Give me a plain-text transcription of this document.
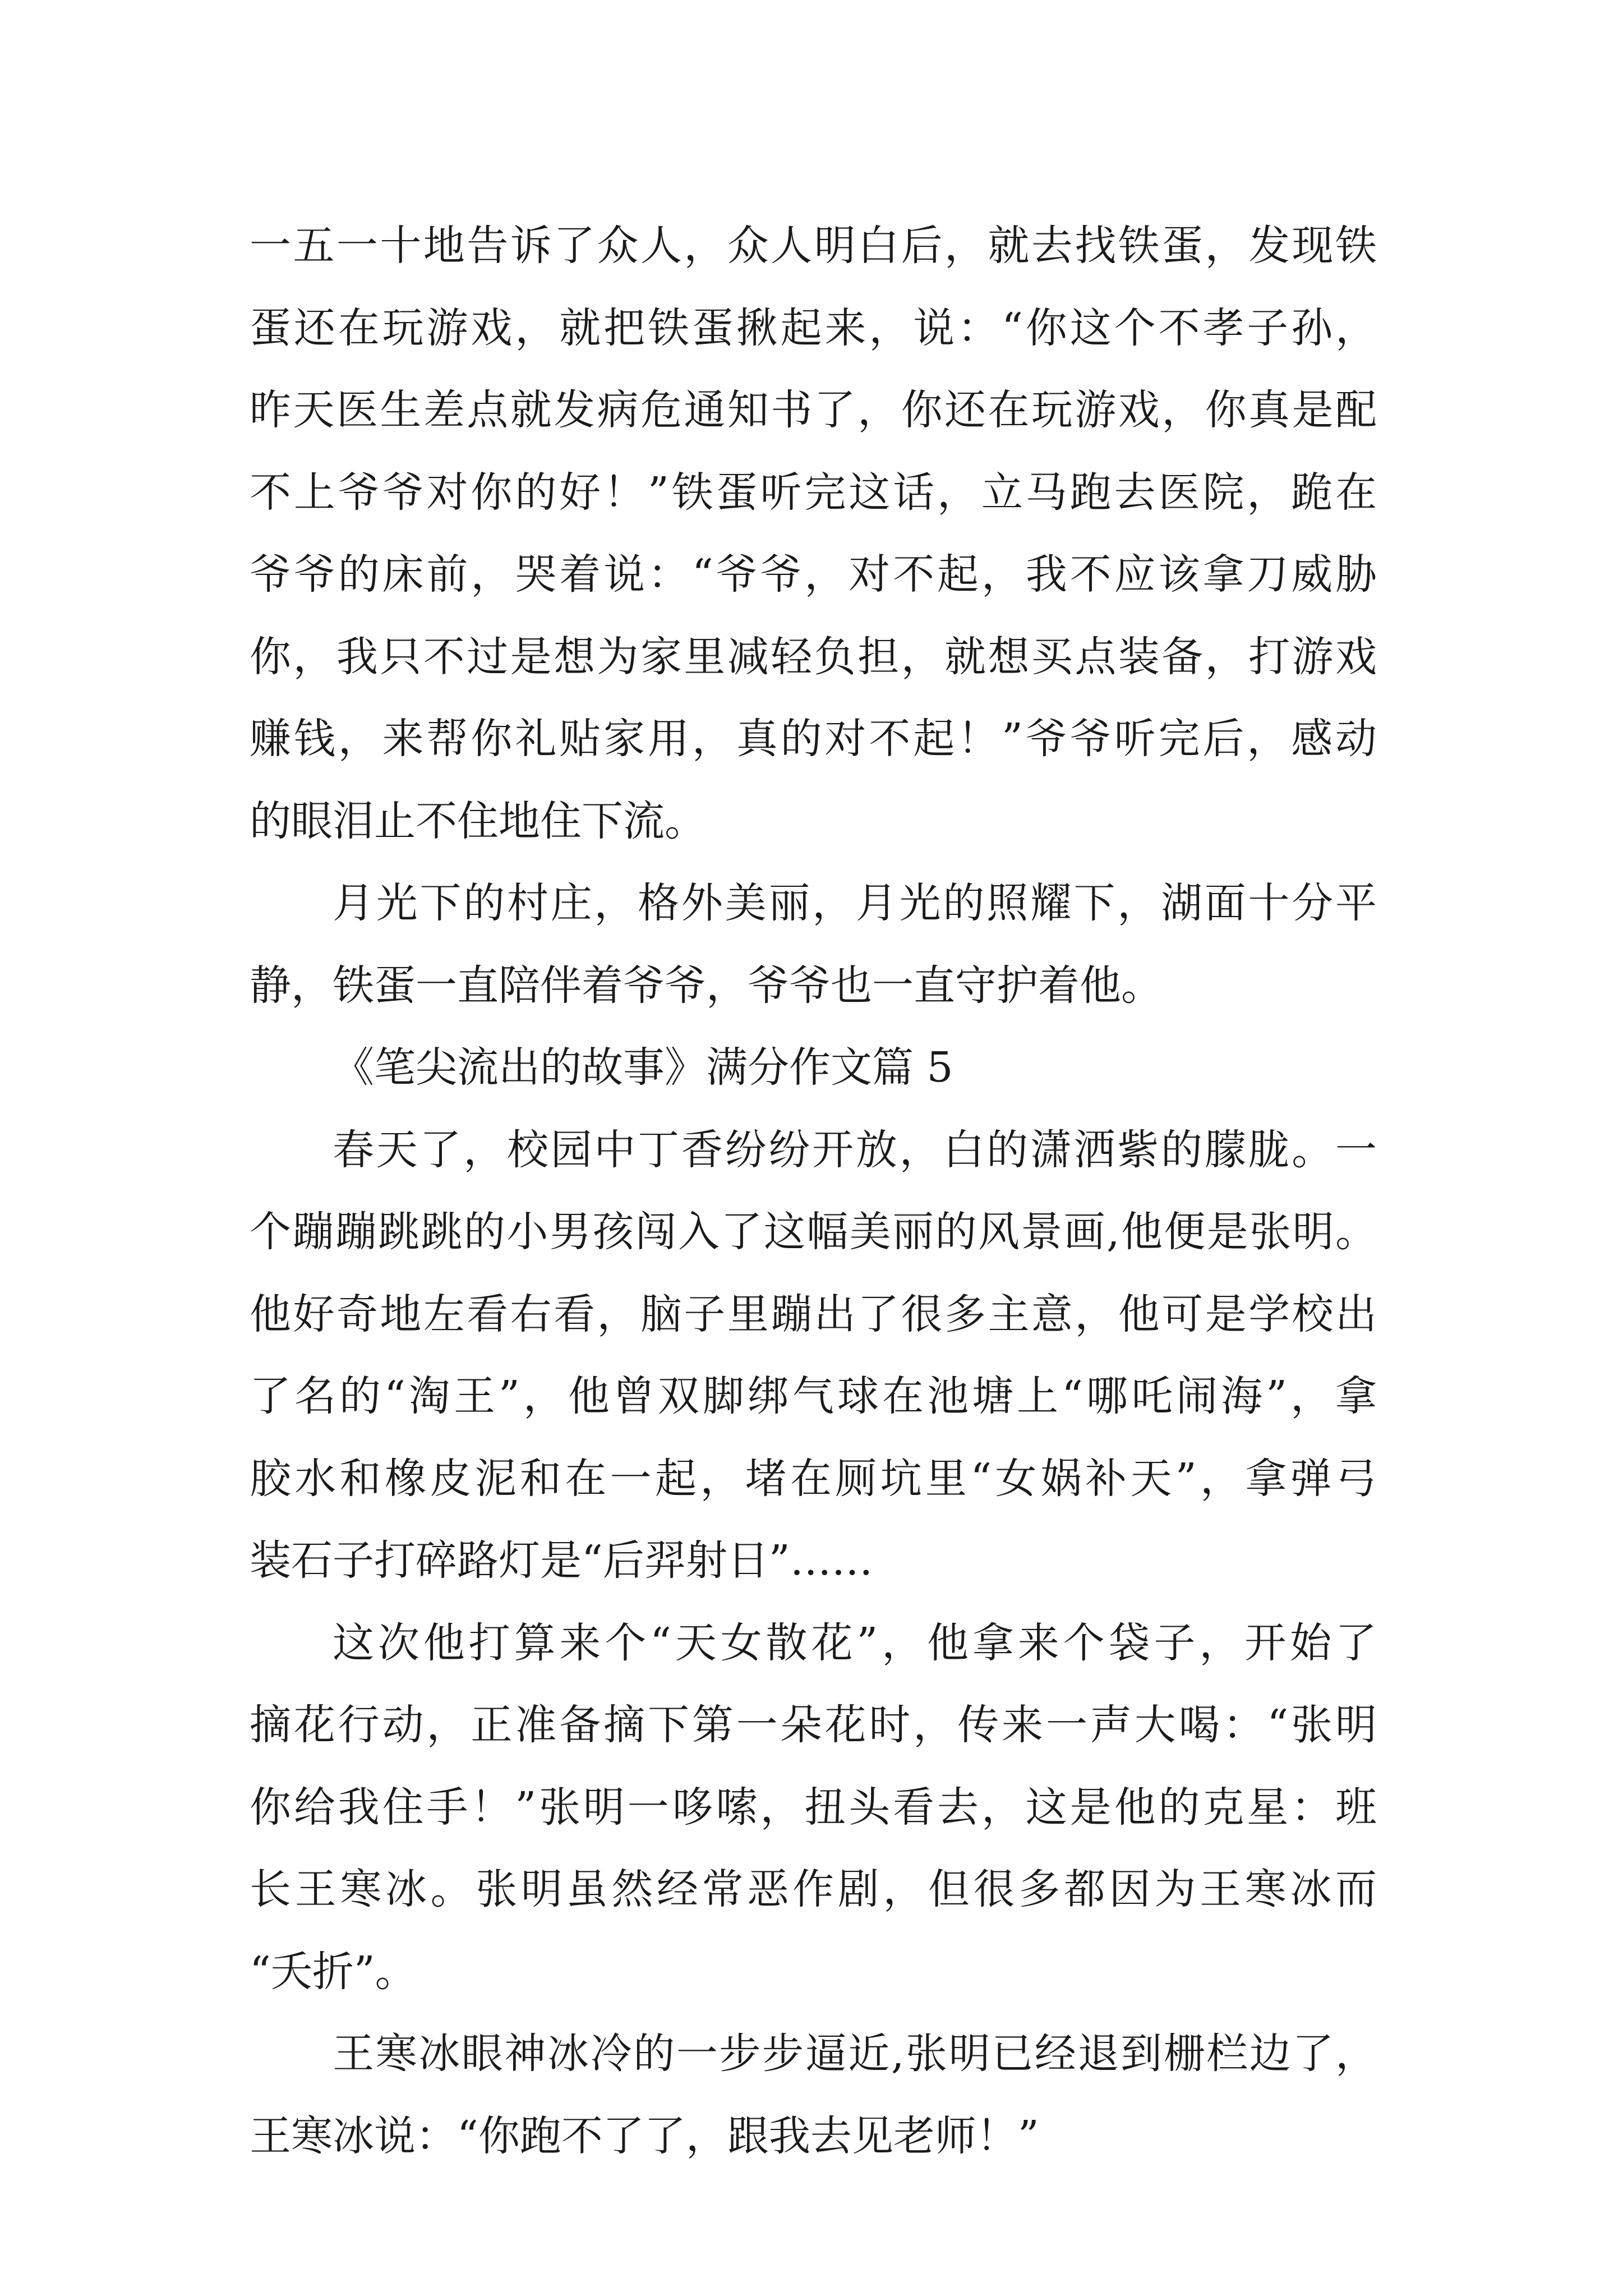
一五一十地告诉了众人，众人明白后，就去找铁蛋，发现铁
蛋还在玩游戏，就把铁蛋揪起来，说：“你这个不孝子孙，
昨天医生差点就发病危通知书了，你还在玩游戏，你真是配
不上爷爷对你的好！”铁蛋听完这话，立马跑去医院，跪在
爷爷的床前，哭着说：“爷爷，对不起，我不应该拿刀威胁
你，我只不过是想为家里减轻负担，就想买点装备，打游戏
赚钱，来帮你礼贴家用，真的对不起！”爷爷听完后，感动
的眼泪止不住地住下流。
月光下的村庄，格外美丽，月光的照耀下，湖面十分平
静，铁蛋一直陪伴着爷爷，爷爷也一直守护着他。
《笔尖流出的故事》满分作文篇 5
春天了，校园中丁香纷纷开放，白的潇洒紫的朦胧。一
个蹦蹦跳跳的小男孩闯入了这幅美丽的风景画,他便是张明。
他好奇地左看右看，脑子里蹦出了很多主意，他可是学校出
了名的“淘王”，他曾双脚绑气球在池塘上“哪吒闹海”，拿
胶水和橡皮泥和在一起，堵在厕坑里“女娲补天”，拿弹弓
装石子打碎路灯是“后羿射日”……
这次他打算来个“天女散花”，他拿来个袋子，开始了
摘花行动，正准备摘下第一朵花时，传来一声大喝：“张明
你给我住手！”张明一哆嗦，扭头看去，这是他的克星：班
长王寒冰。张明虽然经常恶作剧，但很多都因为王寒冰而
“夭折”。
王寒冰眼神冰冷的一步步逼近,张明已经退到栅栏边了，
王寒冰说：“你跑不了了，跟我去见老师！”
